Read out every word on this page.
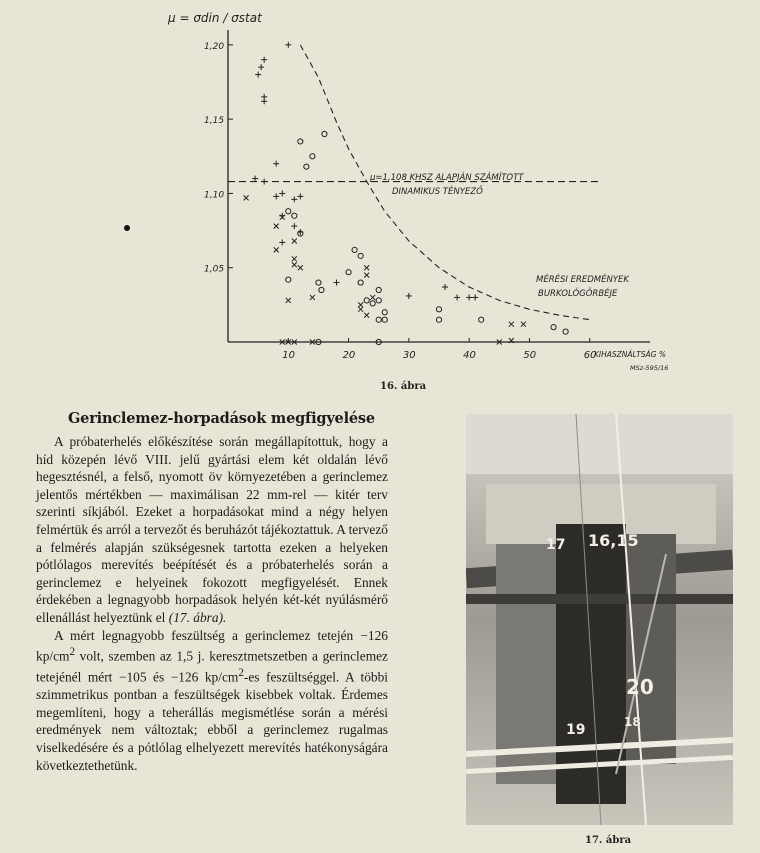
10	20	30	40	50	60
1,05
1,10
1,15
1,20
μ = σdin / σstat
μ=1,108 KHSZ ALAPJÁN SZÁMÍTOTT
DINAMIKUS TÉNYEZŐ
MÉRÉSI EREDMÉNYEK
BURKOLÓGÖRBÉJE
KIHASZNÁLTSÁG %
MSz-595/16
16. ábra
Gerinclemez-horpadások megfigyelése

A próbaterhelés előkészítése során megállapítottuk, hogy a híd közepén lévő VIII. jelű gyártási elem két oldalán lévő hegesztésnél, a felső, nyomott öv környezetében a gerinclemez jelentős mértékben — maximálisan 22 mm-rel — kitér terv szerinti síkjából. Ezeket a horpadásokat mind a négy helyen felmértük és arról a tervezőt és beruházót tájékoztattuk. A tervező a felmérés alapján szükségesnek tartotta ezeken a helyeken pótlólagos merevítés beépítését és a próbaterhelés során a gerinclemez e helyeinek fokozott megfigyelését. Ennek érdekében a legnagyobb horpadások helyén két-két nyúlásmérő ellenállást helyeztünk el (17. ábra).

A mért legnagyobb feszültség a gerinclemez tetején −126 $kp/cm^2$ volt, szemben az 1,5 j. keresztmetszetben a gerinclemez tetejénél mért −105 és −126 $kp/cm^2-es$ feszültséggel. A többi szimmetrikus pontban a feszültségek kisebbek voltak. Érdemes megemlíteni, hogy a teherállás megismétlése során a mérési eredmények nem változtak; ebből a gerinclemez rugalmas viselkedésére és a pótlólag elhelyezett merevítés hatékonyságára következtethetünk.

16,15
17
20
19	18
17. ábra
